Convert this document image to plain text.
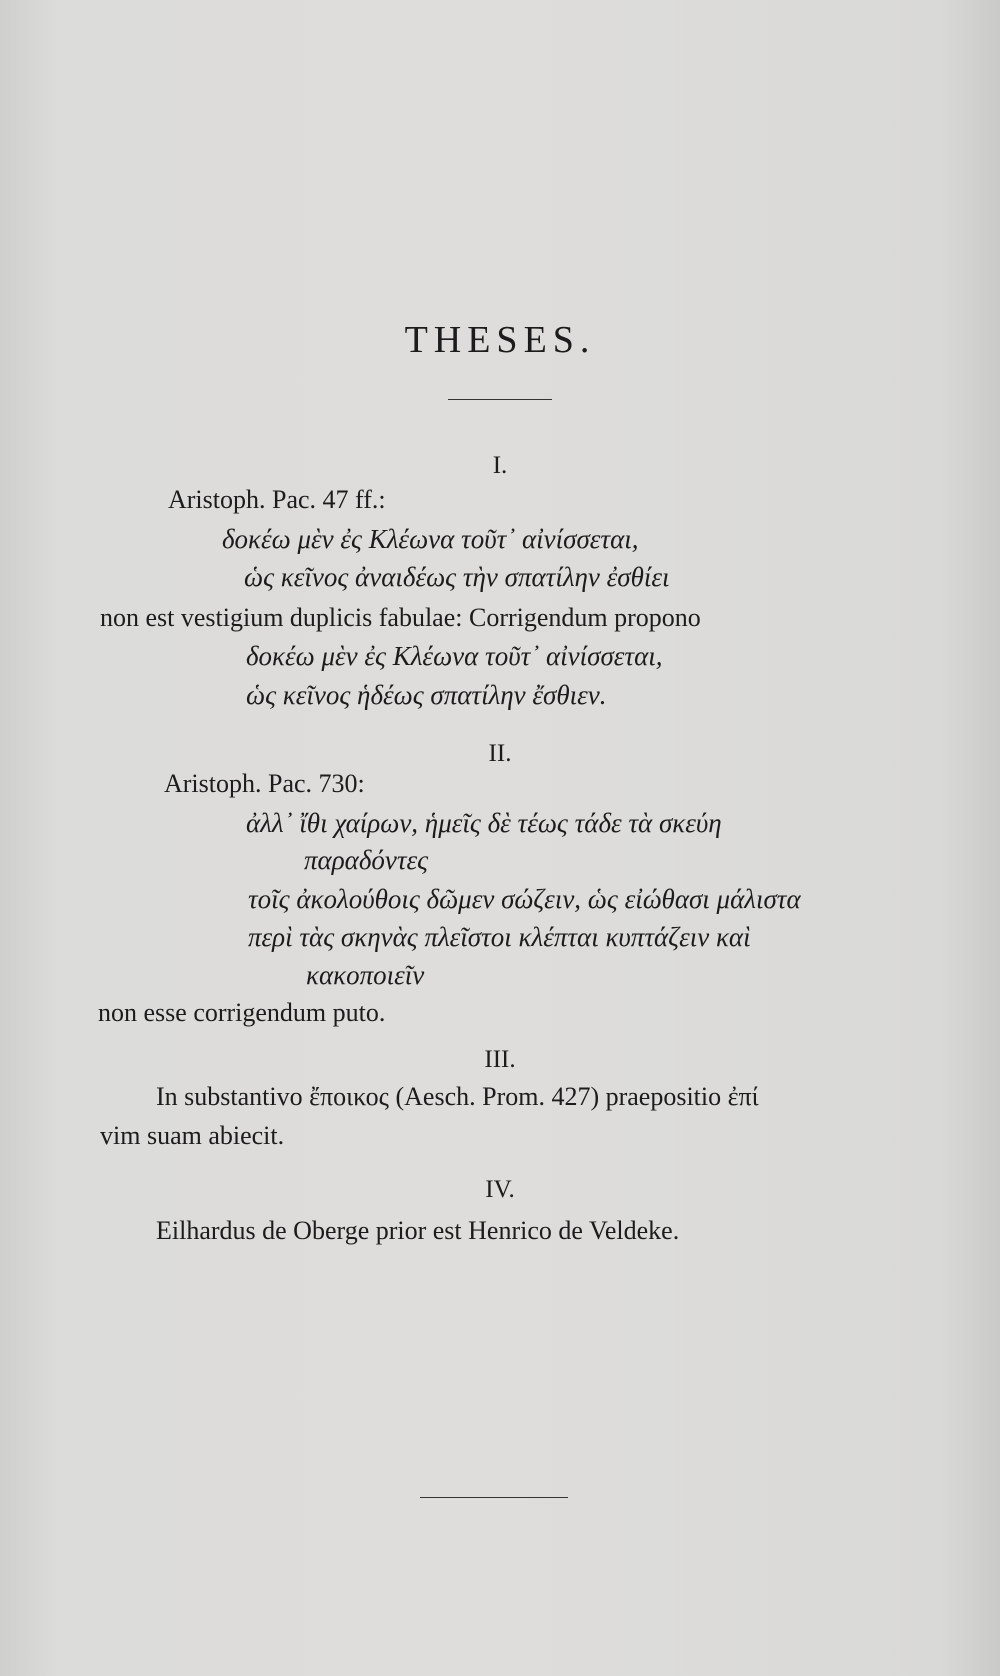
THESES.
I.
Aristoph. Pac. 47 ff.:
δοκέω μὲν ἐς Κλέωνα τοῦτ᾽ αἰνίσσεται,
ὡς κεῖνος ἀναιδέως τὴν σπατίλην ἐσθίει
non est vestigium duplicis fabulae: Corrigendum propono
δοκέω μὲν ἐς Κλέωνα τοῦτ᾽ αἰνίσσεται,
ὡς κεῖνος ἡδέως σπατίλην ἔσθιεν.
II.
Aristoph. Pac. 730:
ἀλλ᾽ ἴθι χαίρων, ἡμεῖς δὲ τέως τάδε τὰ σκεύη
παραδόντες
τοῖς ἀκολούθοις δῶμεν σώζειν, ὡς εἰώθασι μάλιστα
περὶ τὰς σκηνὰς πλεῖστοι κλέπται κυπτάζειν καὶ
κακοποιεῖν
non esse corrigendum puto.
III.
In substantivo ἔποικος (Aesch. Prom. 427) praepositio ἐπί
vim suam abiecit.
IV.
Eilhardus de Oberge prior est Henrico de Veldeke.
